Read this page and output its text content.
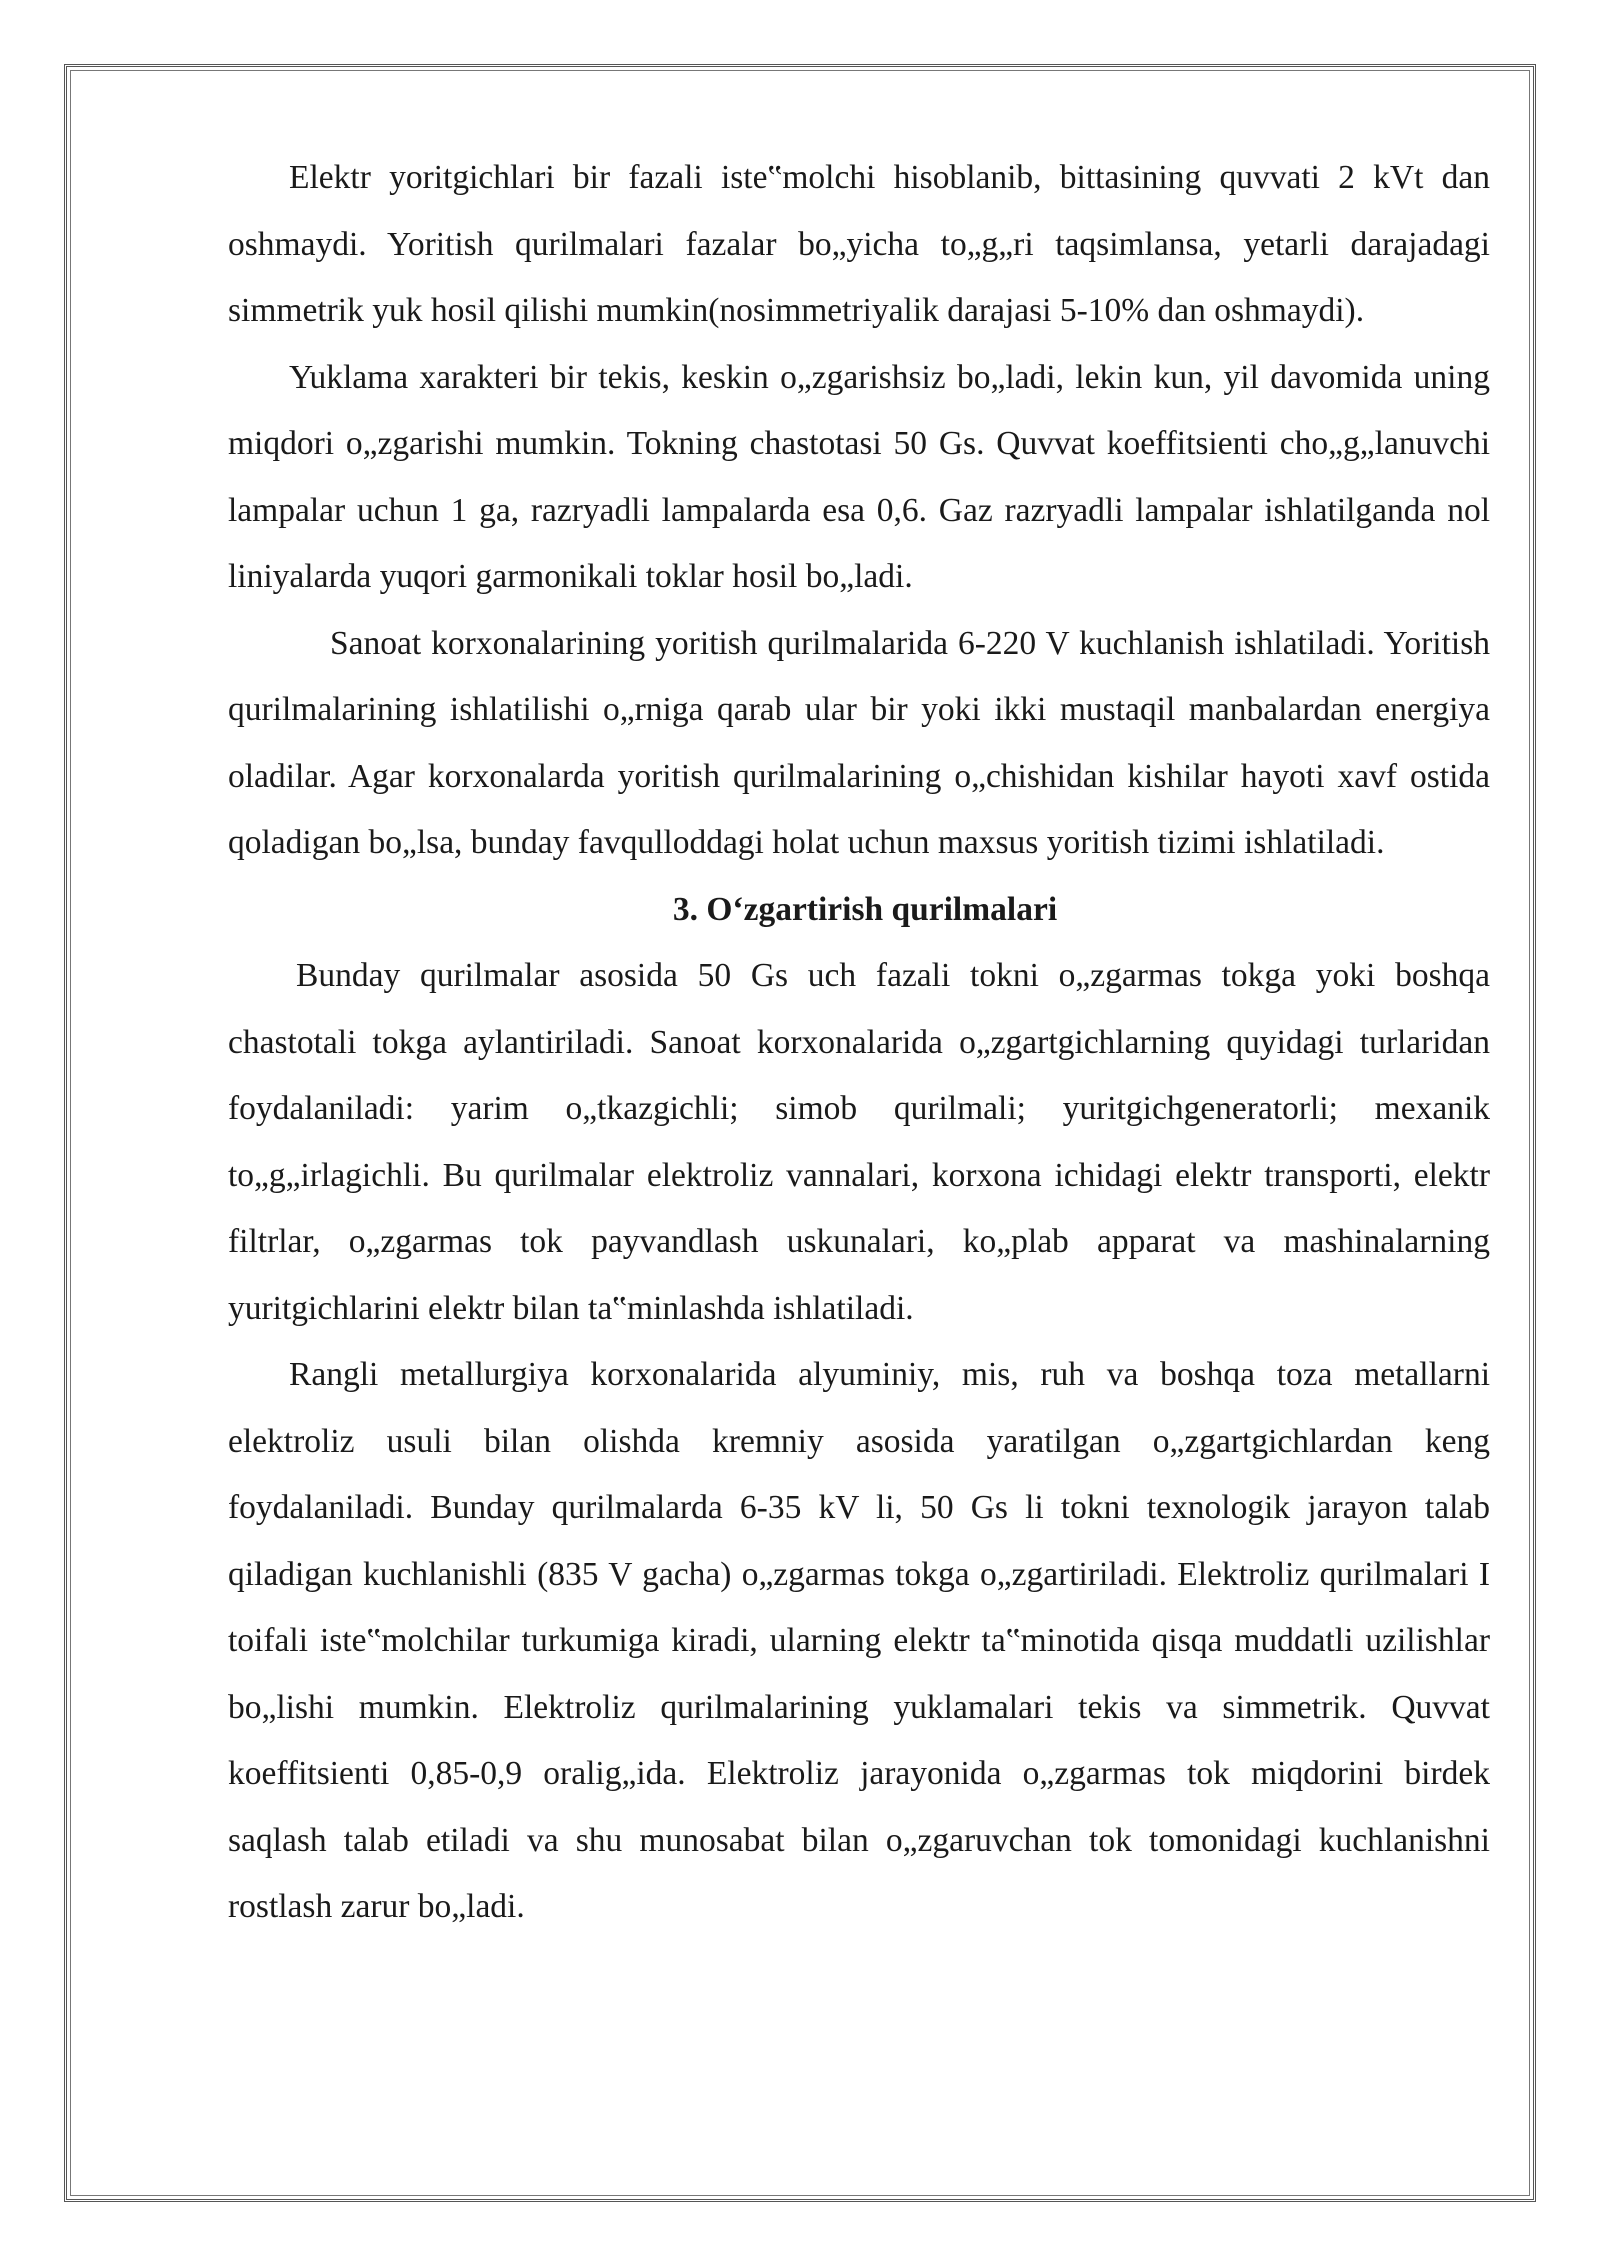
Elektr yoritgichlari bir fazali iste‟molchi hisoblanib, bittasining quvvati 2 kVt dan oshmaydi. Yoritish qurilmalari fazalar bo„yicha to„g„ri taqsimlansa, yetarli darajadagi simmetrik yuk hosil qilishi mumkin(nosimmetriyalik darajasi 5-10% dan oshmaydi).

Yuklama xarakteri bir tekis, keskin o„zgarishsiz bo„ladi, lekin kun, yil davomida uning miqdori o„zgarishi mumkin. Tokning chastotasi 50 Gs. Quvvat koeffitsienti cho„g„lanuvchi lampalar uchun 1 ga, razryadli lampalarda esa 0,6. Gaz razryadli lampalar ishlatilganda nol liniyalarda yuqori garmonikali toklar hosil bo„ladi.

Sanoat korxonalarining yoritish qurilmalarida 6-220 V kuchlanish ishlatiladi. Yoritish qurilmalarining ishlatilishi o„rniga qarab ular bir yoki ikki mustaqil manbalardan energiya oladilar. Agar korxonalarda yoritish qurilmalarining o„chishidan kishilar hayoti xavf ostida qoladigan bo„lsa, bunday favqulloddagi holat uchun maxsus yoritish tizimi ishlatiladi.

3. O‘zgartirish qurilmalari

Bunday qurilmalar asosida 50 Gs uch fazali tokni o„zgarmas tokga yoki boshqa chastotali tokga aylantiriladi. Sanoat korxonalarida o„zgartgichlarning quyidagi turlaridan foydalaniladi: yarim o„tkazgichli; simob qurilmali; yuritgichgeneratorli; mexanik to„g„irlagichli. Bu qurilmalar elektroliz vannalari, korxona ichidagi elektr transporti, elektr filtrlar, o„zgarmas tok payvandlash uskunalari, ko„plab apparat va mashinalarning yuritgichlarini elektr bilan ta‟minlashda ishlatiladi.

Rangli metallurgiya korxonalarida alyuminiy, mis, ruh va boshqa toza metallarni elektroliz usuli bilan olishda kremniy asosida yaratilgan o„zgartgichlardan keng foydalaniladi. Bunday qurilmalarda 6-35 kV li, 50 Gs li tokni texnologik jarayon talab qiladigan kuchlanishli (835 V gacha) o„zgarmas tokga o„zgartiriladi. Elektroliz qurilmalari I toifali iste‟molchilar turkumiga kiradi, ularning elektr ta‟minotida qisqa muddatli uzilishlar bo„lishi mumkin. Elektroliz qurilmalarining yuklamalari tekis va simmetrik. Quvvat koeffitsienti 0,85-0,9 oralig„ida. Elektroliz jarayonida o„zgarmas tok miqdorini birdek saqlash talab etiladi va shu munosabat bilan o„zgaruvchan tok tomonidagi kuchlanishni rostlash zarur bo„ladi.
